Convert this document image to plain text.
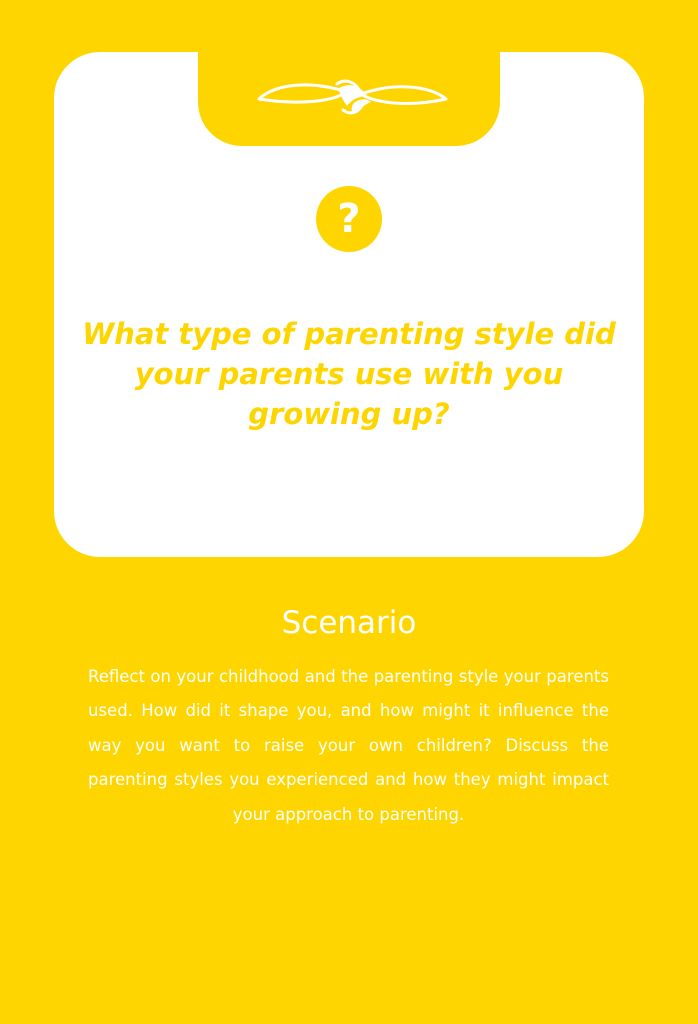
?
What type of parenting style did your parents use with you growing up?
Scenario

Reflect on your childhood and the parenting style your parents used. How did it shape you, and how might it influence the way you want to raise your own children? Discuss the parenting styles you experienced and how they might impact your approach to parenting.
